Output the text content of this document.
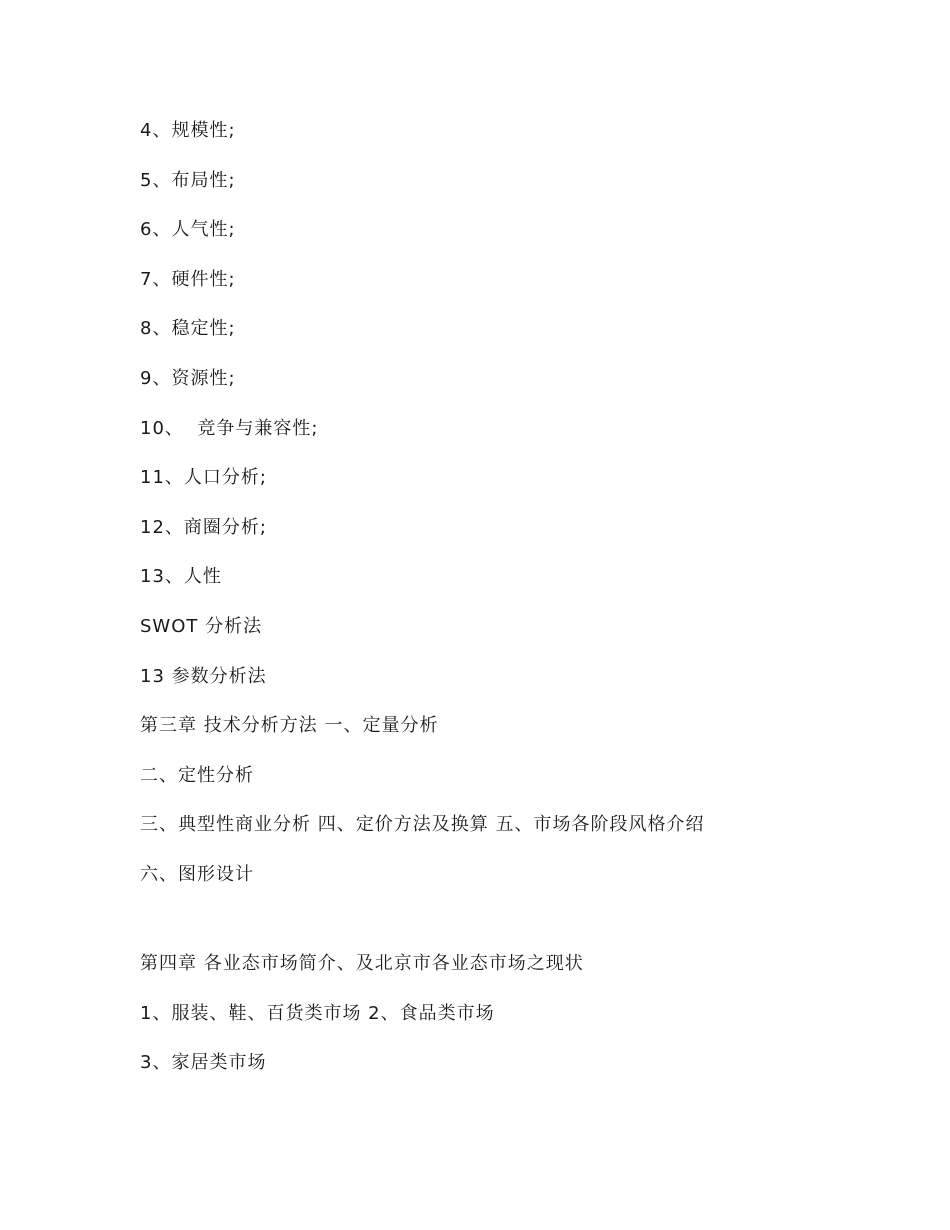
4、规模性;
5、布局性;
6、人气性;
7、硬件性;
8、稳定性;
9、资源性;
10、  竞争与兼容性;
11、人口分析;
12、商圈分析;
13、人性
SWOT 分析法
13 参数分析法
第三章 技术分析方法 一、定量分析
二、定性分析
三、典型性商业分析 四、定价方法及换算 五、市场各阶段风格介绍
六、图形设计
第四章 各业态市场简介、及北京市各业态市场之现状
1、服装、鞋、百货类市场 2、食品类市场
3、家居类市场
